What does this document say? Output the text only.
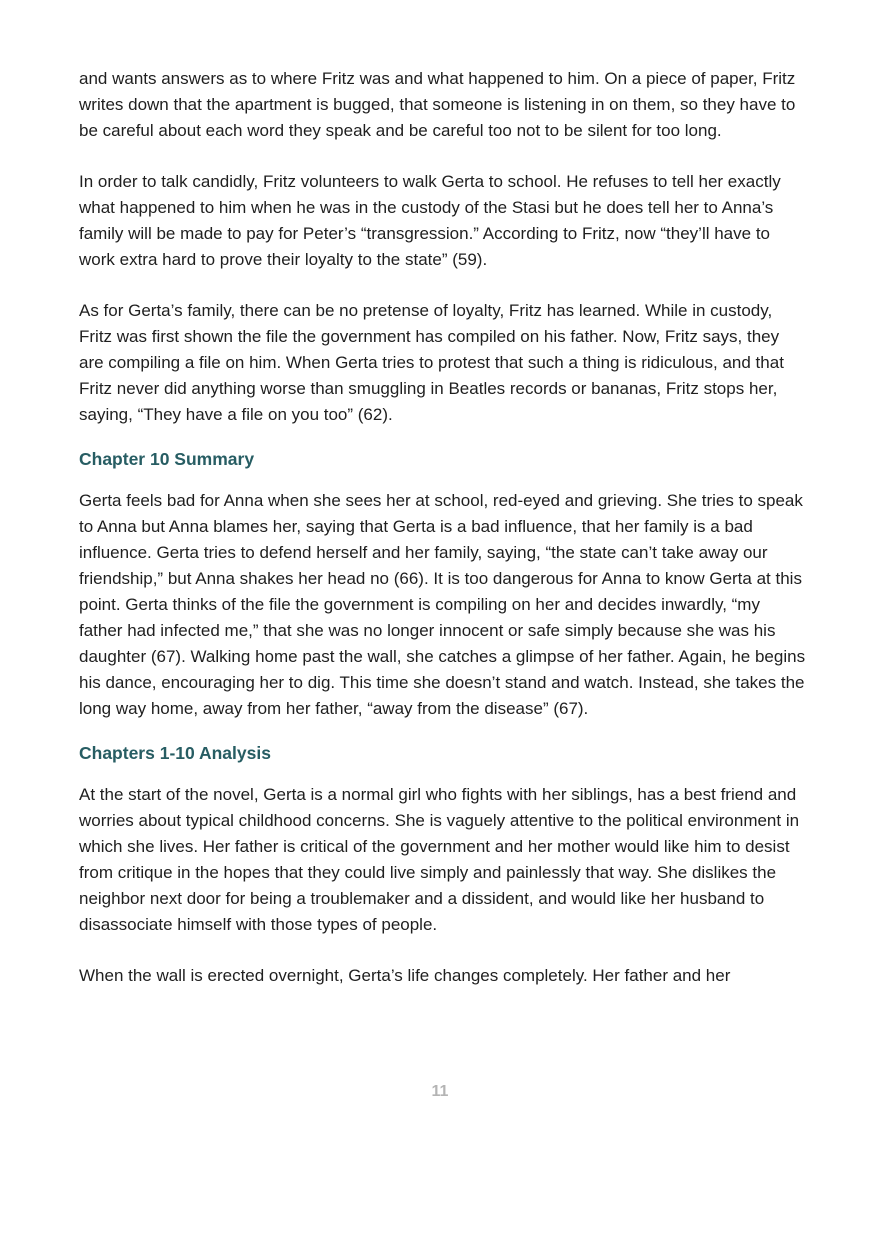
and wants answers as to where Fritz was and what happened to him. On a piece of paper, Fritz writes down that the apartment is bugged, that someone is listening in on them, so they have to be careful about each word they speak and be careful too not to be silent for too long.

In order to talk candidly, Fritz volunteers to walk Gerta to school. He refuses to tell her exactly what happened to him when he was in the custody of the Stasi but he does tell her to Anna’s family will be made to pay for Peter’s “transgression.” According to Fritz, now “they’ll have to work extra hard to prove their loyalty to the state” (59).

As for Gerta’s family, there can be no pretense of loyalty, Fritz has learned. While in custody, Fritz was first shown the file the government has compiled on his father. Now, Fritz says, they are compiling a file on him. When Gerta tries to protest that such a thing is ridiculous, and that Fritz never did anything worse than smuggling in Beatles records or bananas, Fritz stops her, saying, “They have a file on you too” (62).

Chapter 10 Summary

Gerta feels bad for Anna when she sees her at school, red-eyed and grieving. She tries to speak to Anna but Anna blames her, saying that Gerta is a bad influence, that her family is a bad influence. Gerta tries to defend herself and her family, saying, “the state can’t take away our friendship,” but Anna shakes her head no (66). It is too dangerous for Anna to know Gerta at this point. Gerta thinks of the file the government is compiling on her and decides inwardly, “my father had infected me,” that she was no longer innocent or safe simply because she was his daughter (67). Walking home past the wall, she catches a glimpse of her father. Again, he begins his dance, encouraging her to dig. This time she doesn’t stand and watch. Instead, she takes the long way home, away from her father, “away from the disease” (67).

Chapters 1-10 Analysis

At the start of the novel, Gerta is a normal girl who fights with her siblings, has a best friend and worries about typical childhood concerns. She is vaguely attentive to the political environment in which she lives. Her father is critical of the government and her mother would like him to desist from critique in the hopes that they could live simply and painlessly that way. She dislikes the neighbor next door for being a troublemaker and a dissident, and would like her husband to disassociate himself with those types of people.

When the wall is erected overnight, Gerta’s life changes completely. Her father and her

11
